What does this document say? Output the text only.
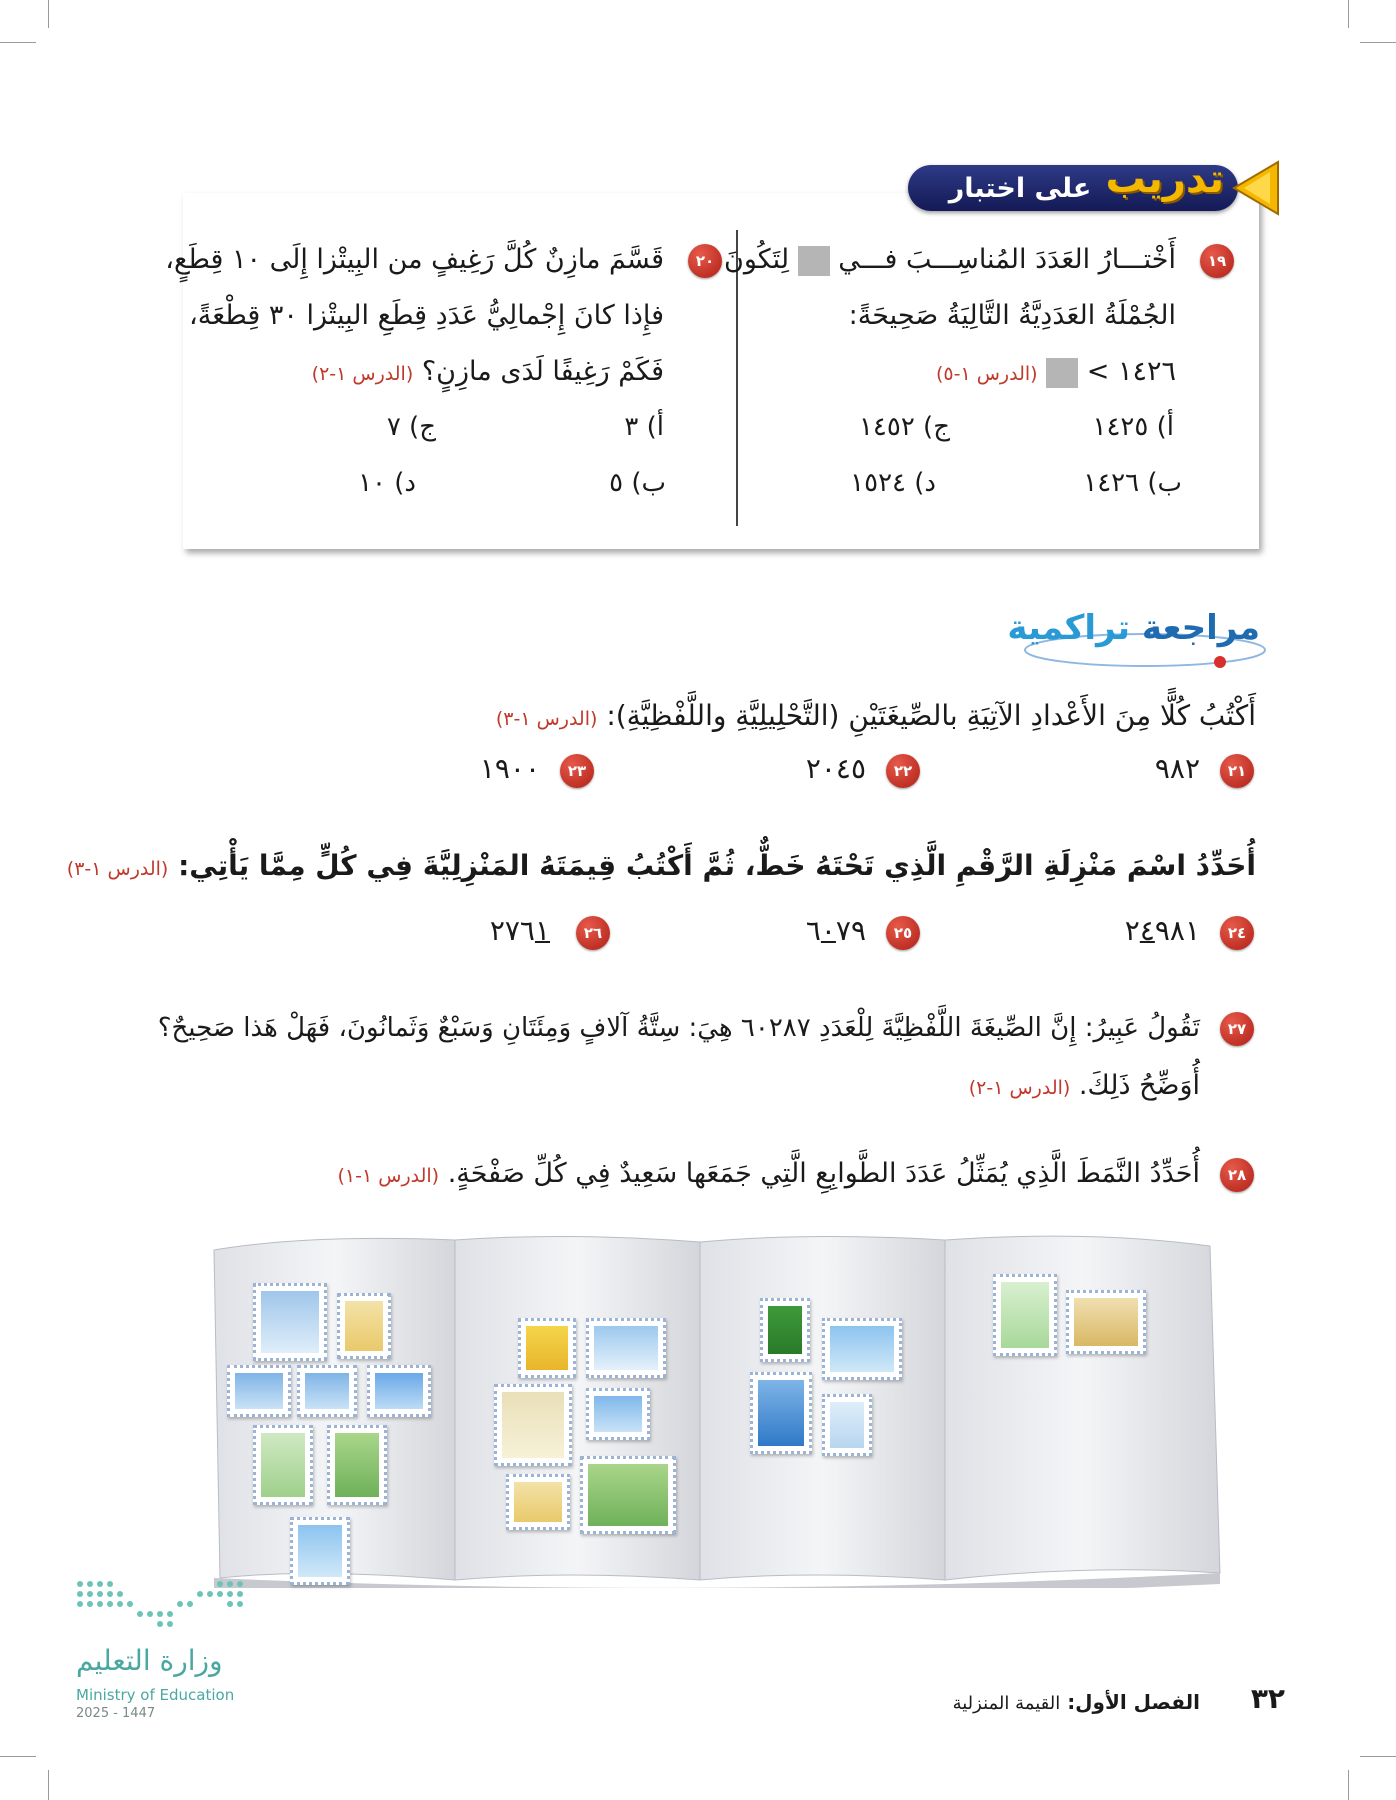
على اختبار تدريب
١٩
أَخْتـــارُ العَدَدَ المُناسِـــبَ فـــي  لِتَكُونَ
الجُمْلَةُ العَدَدِيَّةُ التَّالِيَةُ صَحِيحَةً:
١٤٢٦ >  (الدرس ١-٥)
أ) ١٤٢٥
ج) ١٤٥٢
ب) ١٤٢٦
د) ١٥٢٤
٢٠
قَسَّمَ مازِنٌ كُلَّ رَغِيفٍ من البِيتْزا إِلَى ١٠ قِطَعٍ،
فإِذا كانَ إِجْمالِيُّ عَدَدِ قِطَعِ البِيتْزا ٣٠ قِطْعَةً،
فَكَمْ رَغِيفًا لَدَى مازِنٍ؟ (الدرس ١-٢)
أ) ٣
ج) ٧
ب) ٥
د) ١٠
مراجعة تراكمية
أَكْتُبُ كُلًّا مِنَ الأَعْدادِ الآتِيَةِ بالصِّيغَتَيْنِ (التَّحْلِيلِيَّةِ واللَّفْظِيَّةِ): (الدرس ١-٣)
٢١
٩٨٢
٢٢
٢٠٤٥
٢٣
١٩٠٠
أُحَدِّدُ اسْمَ مَنْزِلَةِ الرَّقْمِ الَّذِي تَحْتَهُ خَطٌّ، ثُمَّ أَكْتُبُ قِيمَتَهُ المَنْزِلِيَّةَ فِي كُلٍّ مِمَّا يَأْتِي: (الدرس ١-٣)
٢٤
٢٤٩٨١
٢٥
٦٠٧٩
٢٦
٢٧٦١
٢٧
تَقُولُ عَبِيرُ: إِنَّ الصِّيغَةَ اللَّفْظِيَّةَ لِلْعَدَدِ ٦٠٢٨٧ هِيَ: سِتَّةُ آلافٍ وَمِئَتَانِ وَسَبْعٌ وَثَمانُونَ، فَهَلْ هَذا صَحِيحٌ؟
أُوَضِّحُ ذَلِكَ. (الدرس ١-٢)
٢٨
أُحَدِّدُ النَّمَطَ الَّذِي يُمَثِّلُ عَدَدَ الطَّوابِعِ الَّتِي جَمَعَها سَعِيدٌ فِي كُلِّ صَفْحَةٍ. (الدرس ١-١)
٣٢
الفصل الأول: القيمة المنزلية
وزارة التعليم
Ministry of Education
2025 - 1447
